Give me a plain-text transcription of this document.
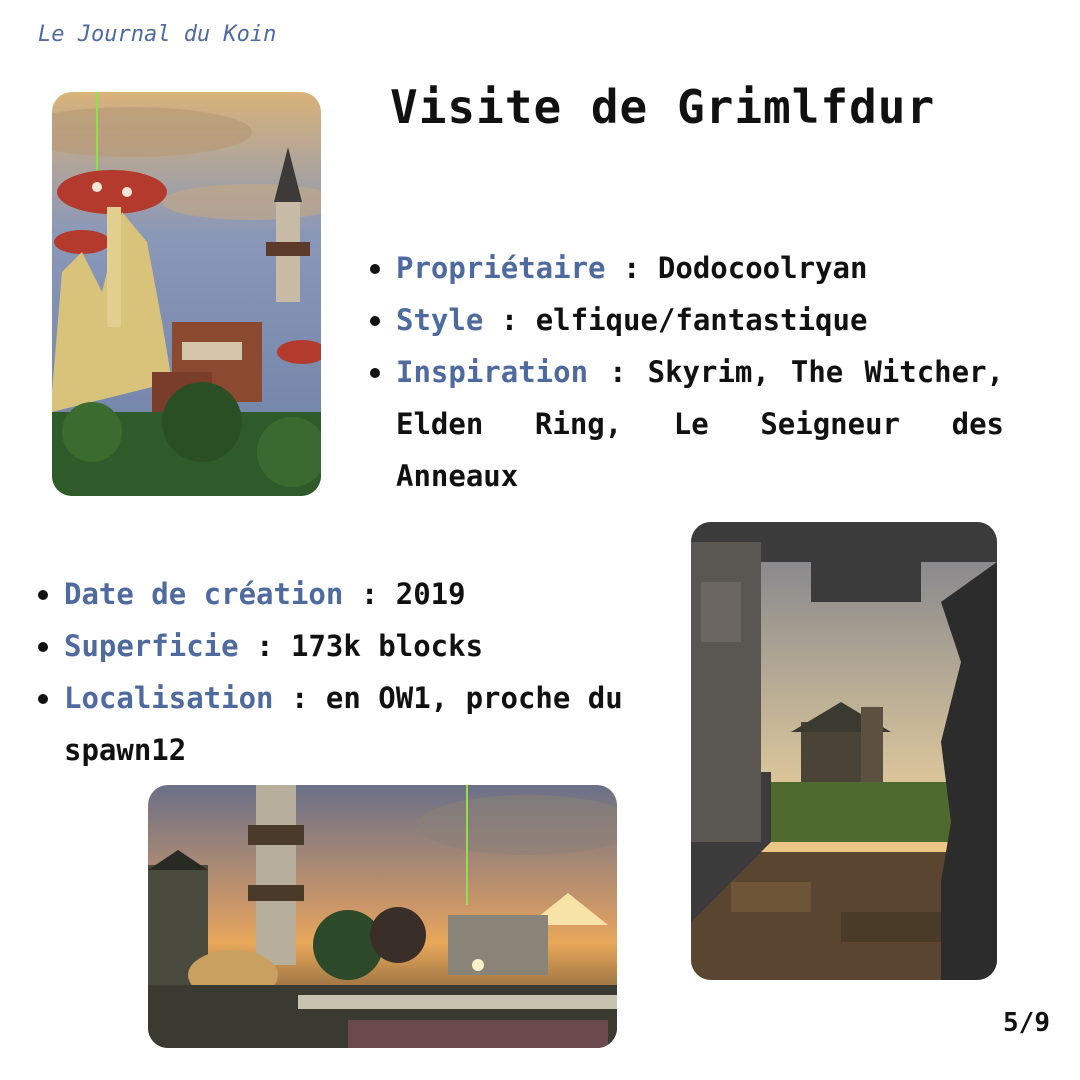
Le Journal du Koin
Visite de Grimlfdur
Propriétaire : Dodocoolryan
Style : elfique/fantastique
Inspiration : Skyrim, The Witcher, Elden Ring, Le Seigneur des Anneaux
Date de création : 2019
Superficie : 173k blocks
Localisation : en OW1, proche du spawn12
5/9
